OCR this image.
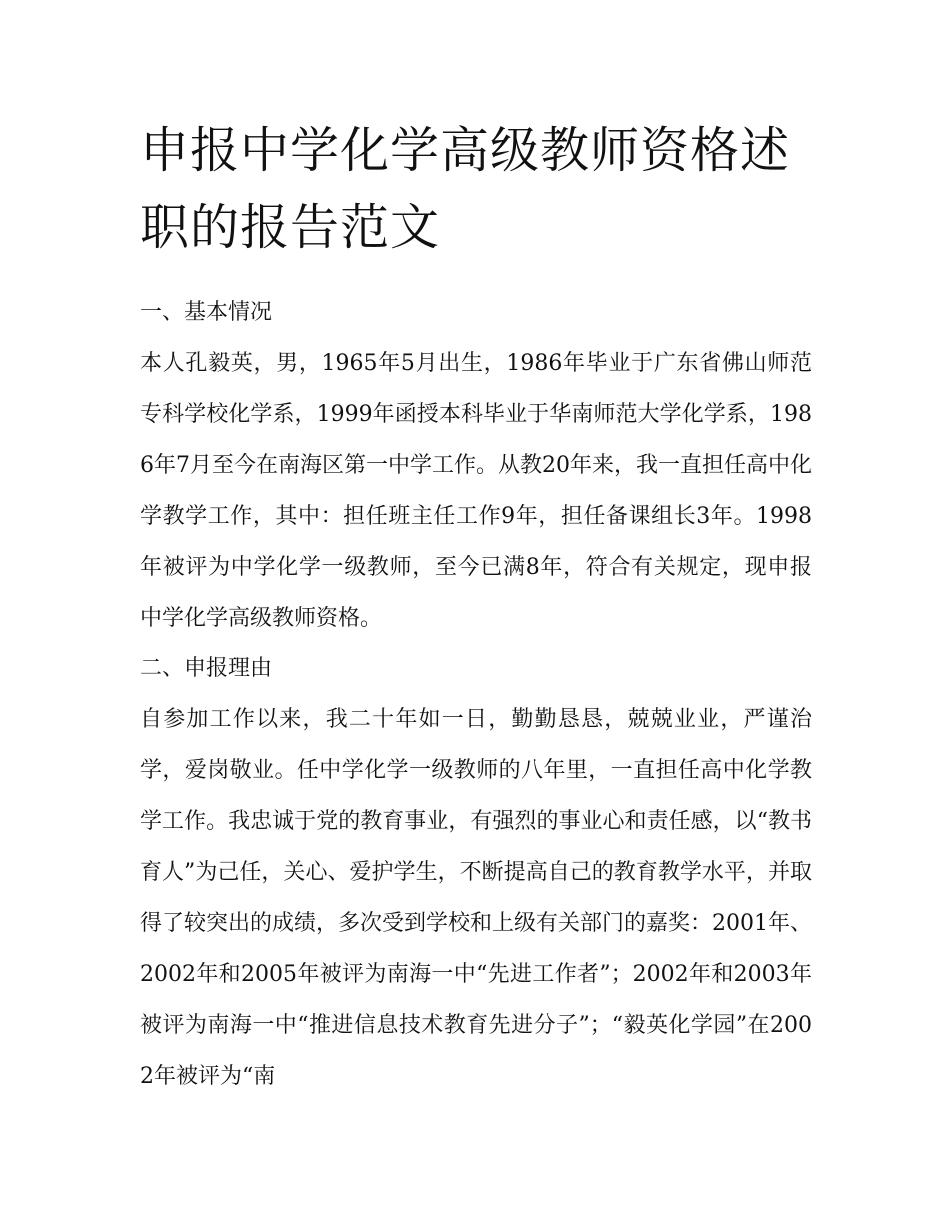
申报中学化学高级教师资格述职的报告范文
一、基本情况

本人孔毅英，男，1965年5月出生，1986年毕业于广东省佛山师范专科学校化学系，1999年函授本科毕业于华南师范大学化学系，1986年7月至今在南海区第一中学工作。从教20年来，我一直担任高中化学教学工作，其中：担任班主任工作9年，担任备课组长3年。1998年被评为中学化学一级教师，至今已满8年，符合有关规定，现申报中学化学高级教师资格。

二、申报理由

自参加工作以来，我二十年如一日，勤勤恳恳，兢兢业业，严谨治学，爱岗敬业。任中学化学一级教师的八年里，一直担任高中化学教学工作。我忠诚于党的教育事业，有强烈的事业心和责任感，以“教书育人”为己任，关心、爱护学生，不断提高自己的教育教学水平，并取得了较突出的成绩，多次受到学校和上级有关部门的嘉奖：2001年、2002年和2005年被评为南海一中“先进工作者”；2002年和2003年被评为南海一中“推进信息技术教育先进分子”；“毅英化学园”在2002年被评为“南
